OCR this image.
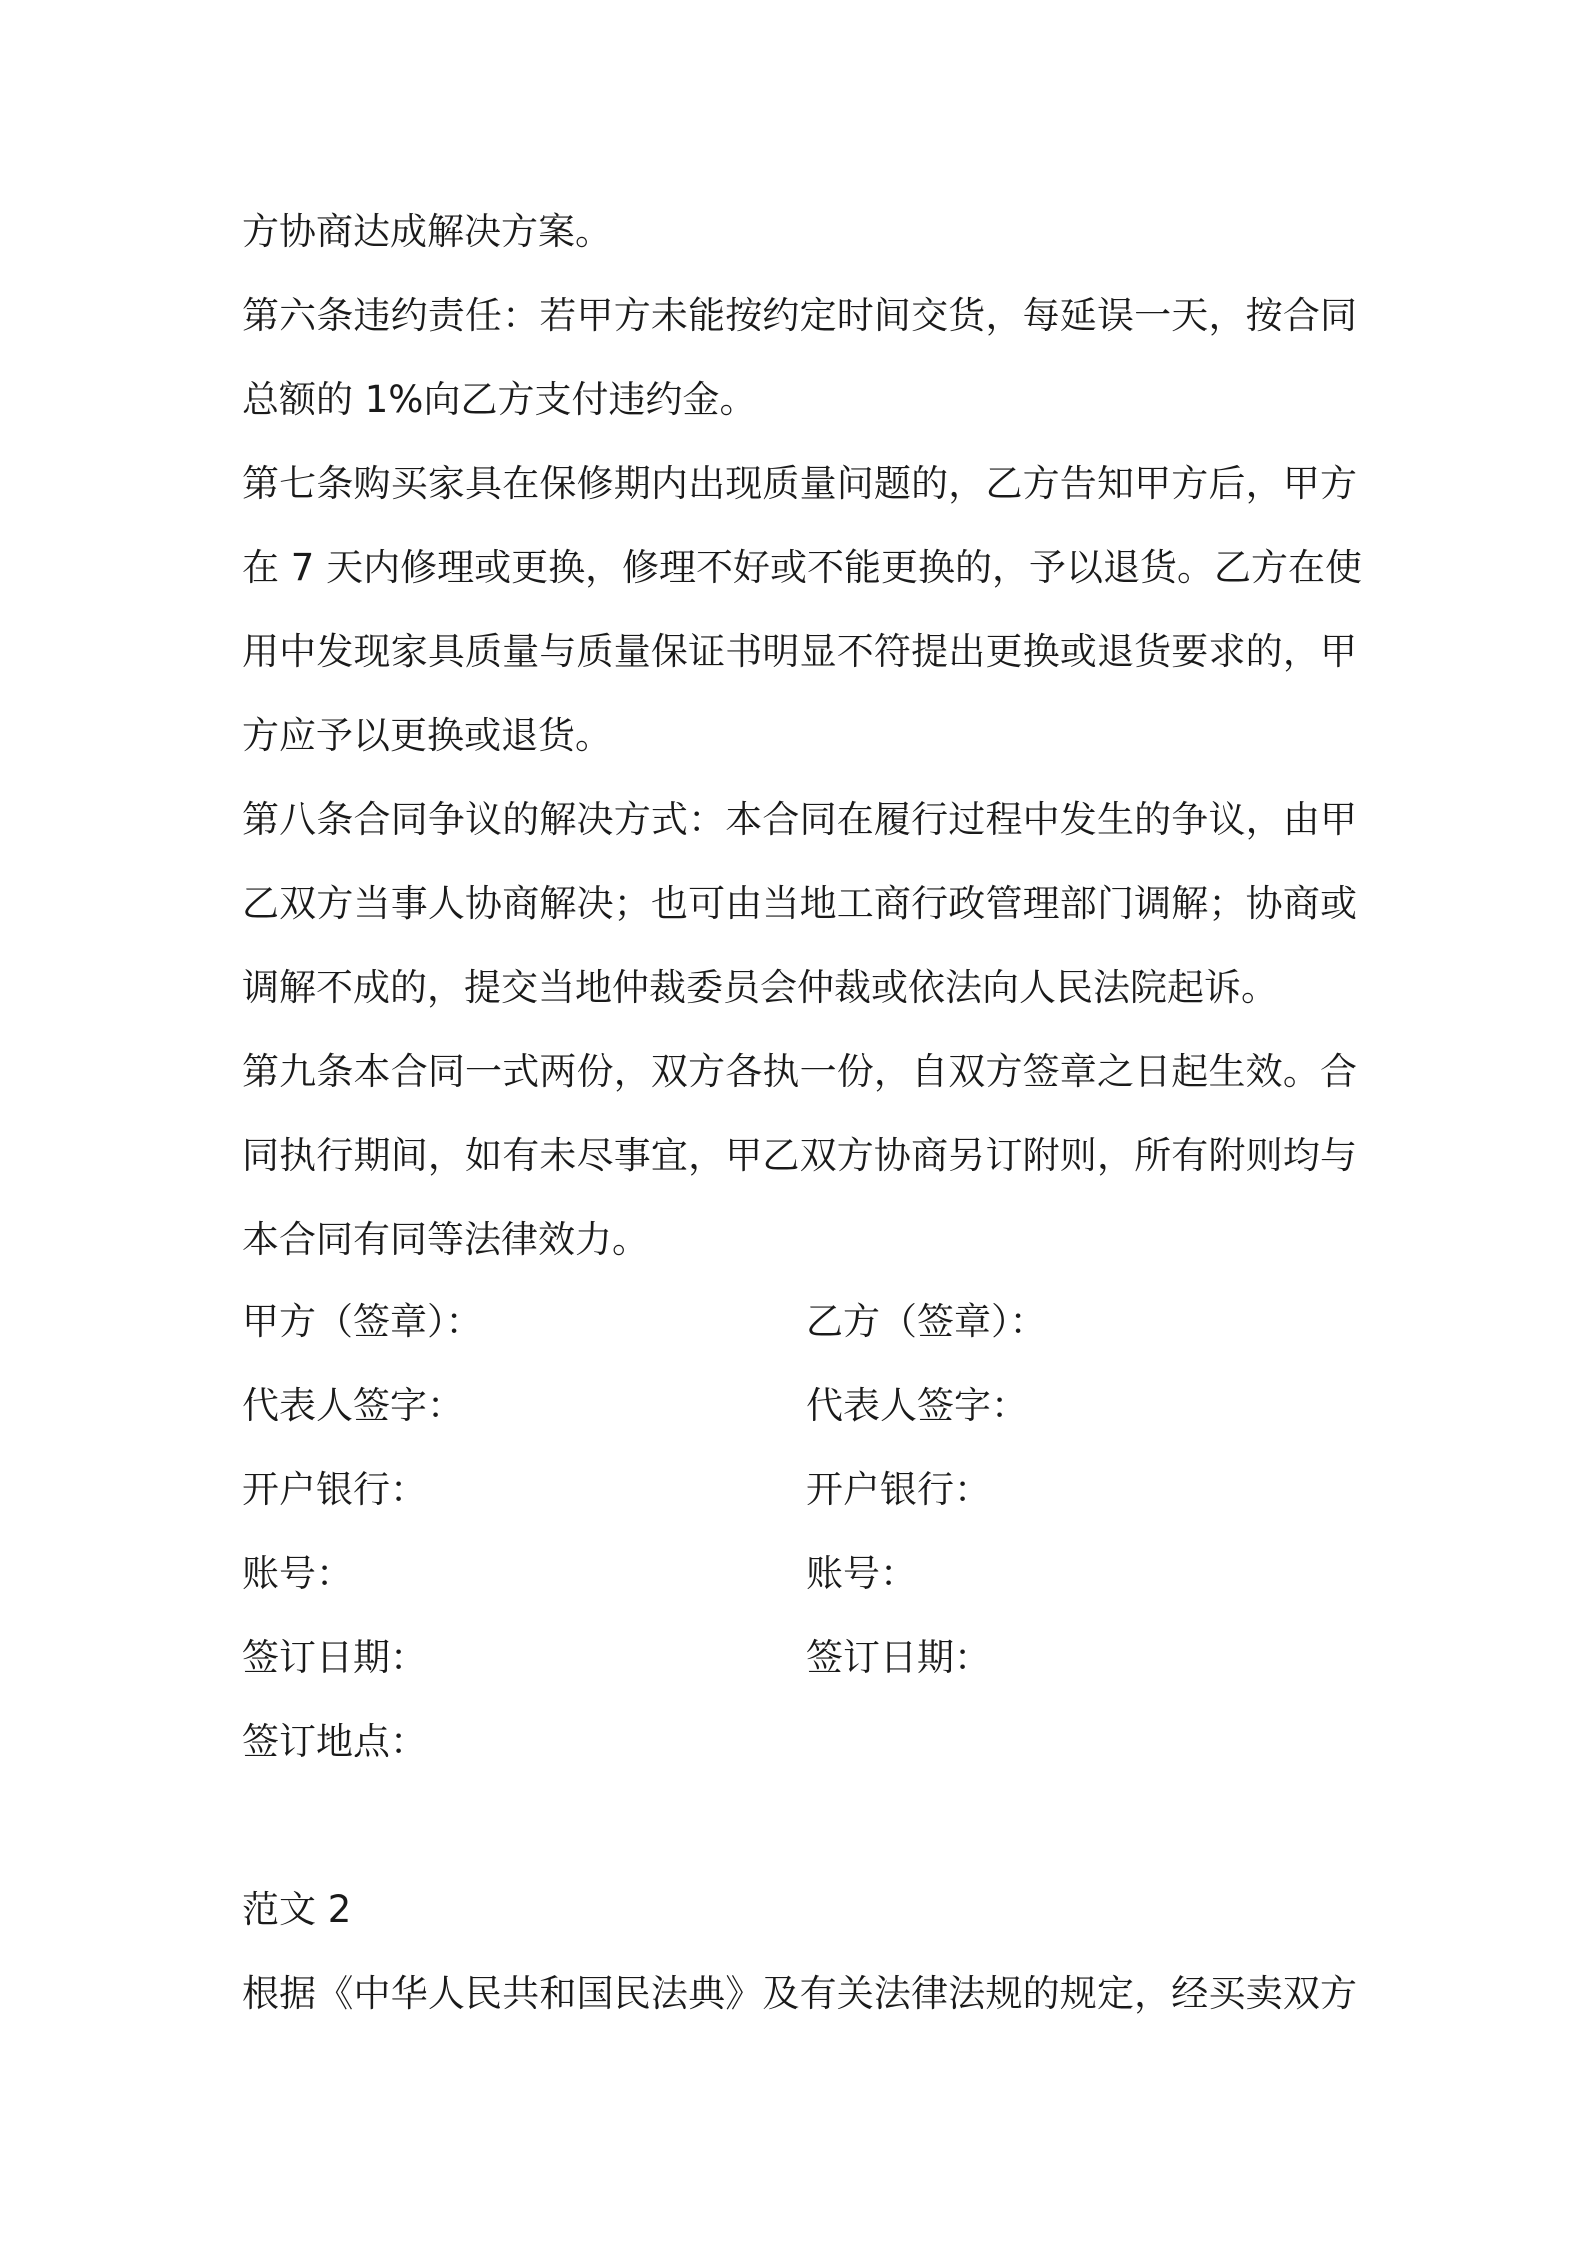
方协商达成解决方案。
第六条违约责任：若甲方未能按约定时间交货，每延误一天，按合同
总额的 1%向乙方支付违约金。
第七条购买家具在保修期内出现质量问题的，乙方告知甲方后，甲方
在 7 天内修理或更换，修理不好或不能更换的，予以退货。乙方在使
用中发现家具质量与质量保证书明显不符提出更换或退货要求的，甲
方应予以更换或退货。
第八条合同争议的解决方式：本合同在履行过程中发生的争议，由甲
乙双方当事人协商解决；也可由当地工商行政管理部门调解；协商或
调解不成的，提交当地仲裁委员会仲裁或依法向人民法院起诉。
第九条本合同一式两份，双方各执一份，自双方签章之日起生效。合
同执行期间，如有未尽事宜，甲乙双方协商另订附则，所有附则均与
本合同有同等法律效力。
甲方（签章）：	乙方（签章）：
代表人签字：	代表人签字：
开户银行：	开户银行：
账号：	账号：
签订日期：	签订日期：
签订地点：
范文 2
根据《中华人民共和国民法典》及有关法律法规的规定，经买卖双方
